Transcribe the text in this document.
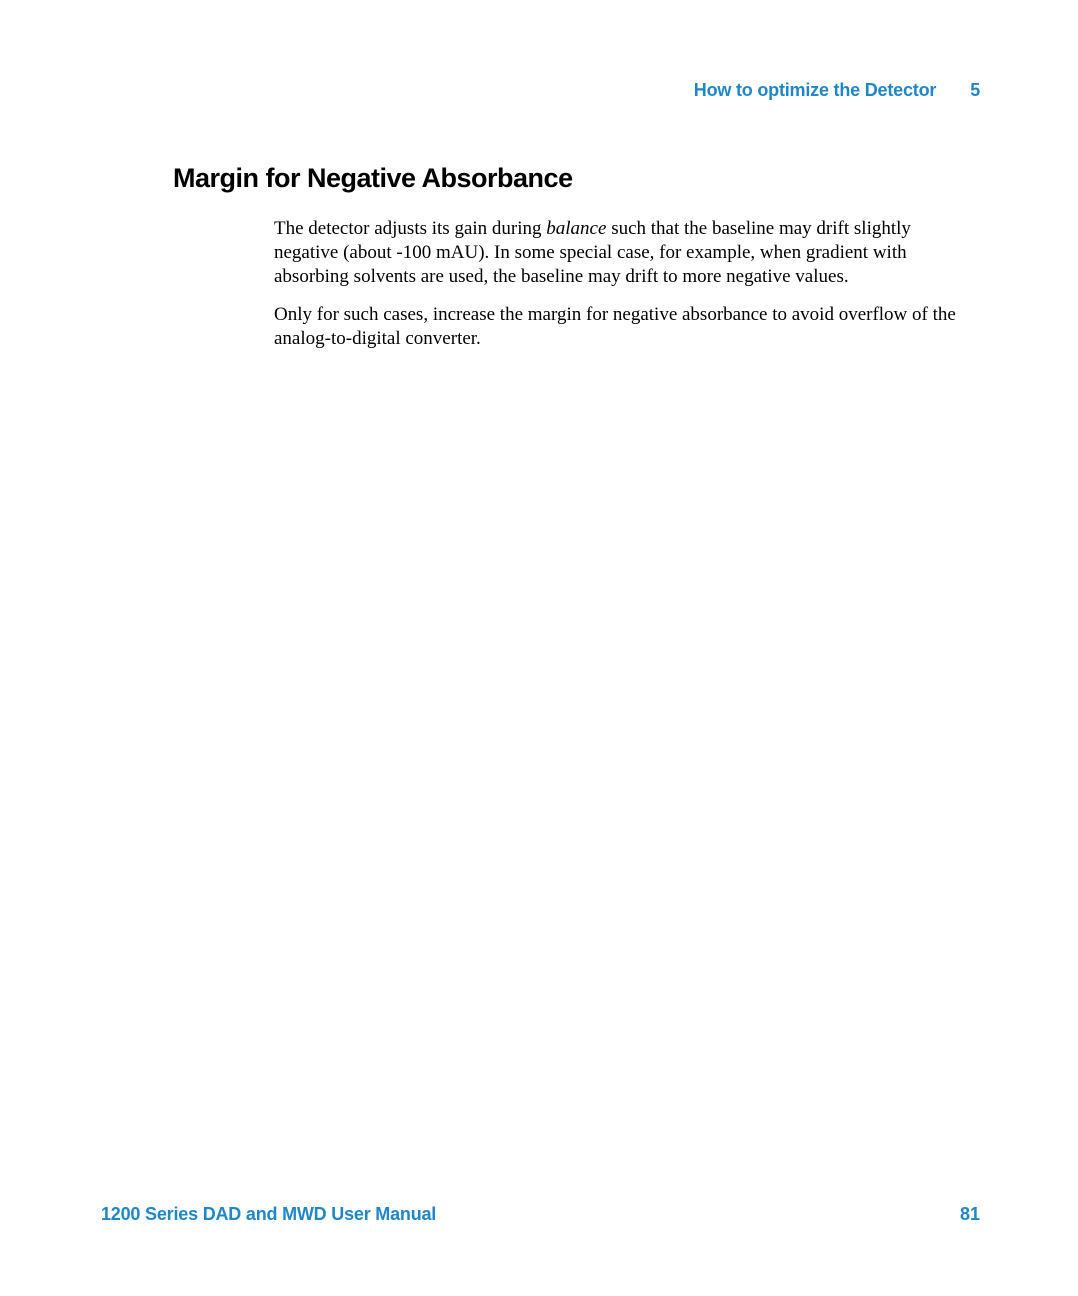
How to optimize the Detector 5
Margin for Negative Absorbance

The detector adjusts its gain during balance such that the baseline may drift slightly negative (about -100 mAU). In some special case, for example, when gradient with absorbing solvents are used, the baseline may drift to more negative values.

Only for such cases, increase the margin for negative absorbance to avoid overflow of the analog-to-digital converter.

1200 Series DAD and MWD User Manual	81
